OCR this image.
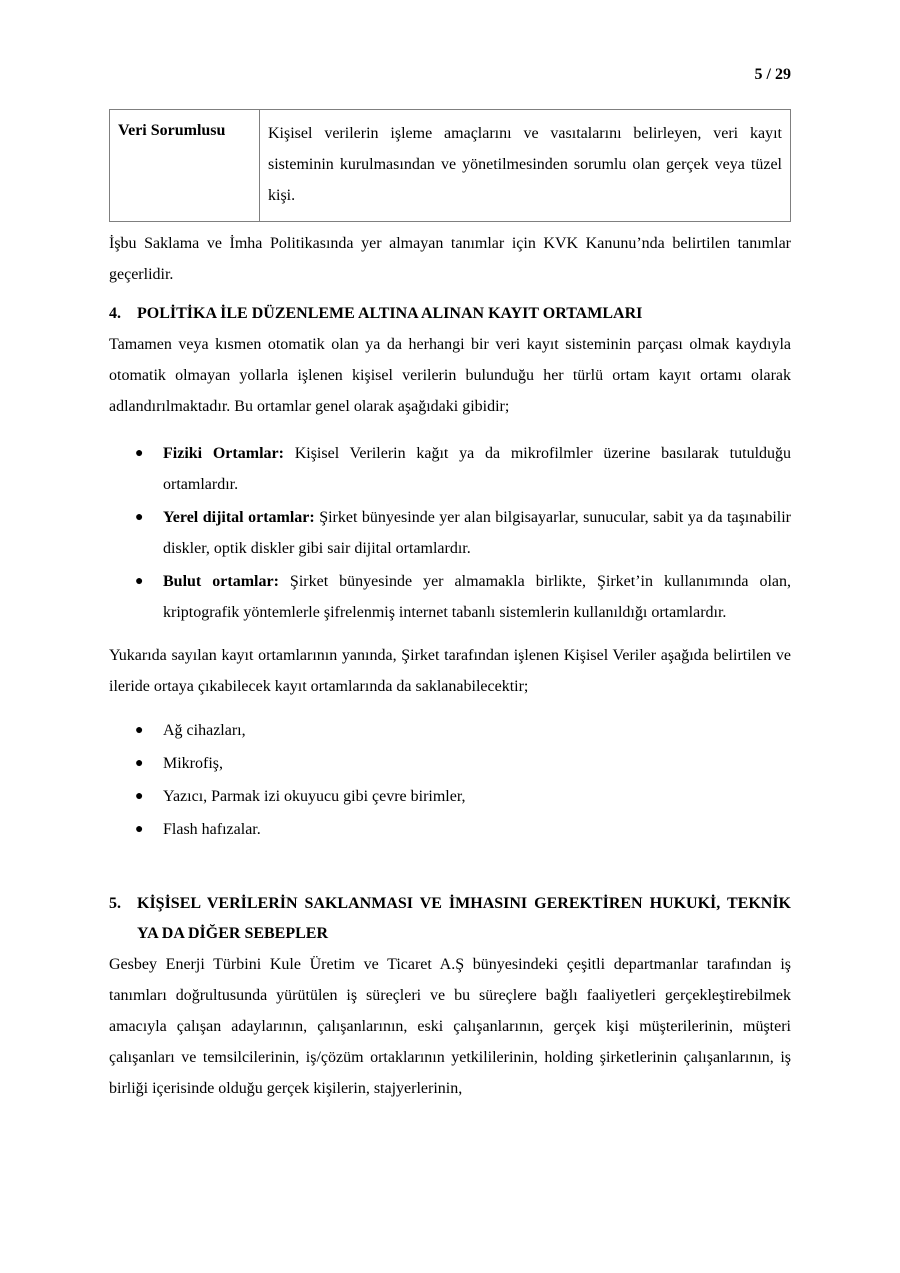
5 / 29
Veri Sorumlusu	Kişisel verilerin işleme amaçlarını ve vasıtalarını belirleyen, veri kayıt sisteminin kurulmasından ve yönetilmesinden sorumlu olan gerçek veya tüzel kişi.

İşbu Saklama ve İmha Politikasında yer almayan tanımlar için KVK Kanunu’nda belirtilen tanımlar geçerlidir.

4.	POLİTİKA İLE DÜZENLEME ALTINA ALINAN KAYIT ORTAMLARI

Tamamen veya kısmen otomatik olan ya da herhangi bir veri kayıt sisteminin parçası olmak kaydıyla otomatik olmayan yollarla işlenen kişisel verilerin bulunduğu her türlü ortam kayıt ortamı olarak adlandırılmaktadır. Bu ortamlar genel olarak aşağıdaki gibidir;

● Fiziki Ortamlar: Kişisel Verilerin kağıt ya da mikrofilmler üzerine basılarak tutulduğu ortamlardır.
● Yerel dijital ortamlar: Şirket bünyesinde yer alan bilgisayarlar, sunucular, sabit ya da taşınabilir diskler, optik diskler gibi sair dijital ortamlardır.
● Bulut ortamlar: Şirket bünyesinde yer almamakla birlikte, Şirket’in kullanımında olan, kriptografik yöntemlerle şifrelenmiş internet tabanlı sistemlerin kullanıldığı ortamlardır.

Yukarıda sayılan kayıt ortamlarının yanında, Şirket tarafından işlenen Kişisel Veriler aşağıda belirtilen ve ileride ortaya çıkabilecek kayıt ortamlarında da saklanabilecektir;

● Ağ cihazları,
● Mikrofiş,
● Yazıcı, Parmak izi okuyucu gibi çevre birimler,
● Flash hafızalar.
5.	KİŞİSEL VERİLERİN SAKLANMASI VE İMHASINI GEREKTİREN HUKUKİ, TEKNİK YA DA DİĞER SEBEPLER

Gesbey Enerji Türbini Kule Üretim ve Ticaret A.Ş bünyesindeki çeşitli departmanlar tarafından iş tanımları doğrultusunda yürütülen iş süreçleri ve bu süreçlere bağlı faaliyetleri gerçekleştirebilmek amacıyla çalışan adaylarının, çalışanlarının, eski çalışanlarının, gerçek kişi müşterilerinin, müşteri çalışanları ve temsilcilerinin, iş/çözüm ortaklarının yetkililerinin, holding şirketlerinin çalışanlarının, iş birliği içerisinde olduğu gerçek kişilerin, stajyerlerinin,
